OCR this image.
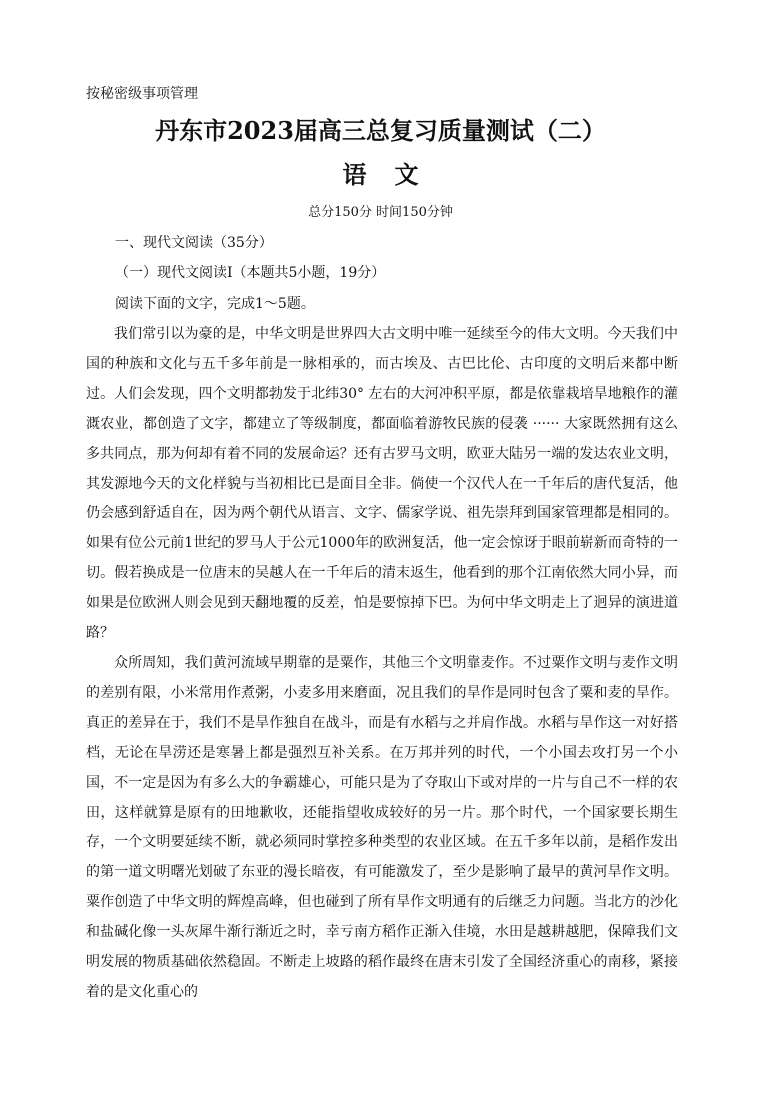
按秘密级事项管理
丹东市2023届高三总复习质量测试（二）
语文
总分150分 时间150分钟
一、现代文阅读（35分）
（一）现代文阅读I（本题共5小题，19分）
阅读下面的文字，完成1～5题。

我们常引以为豪的是，中华文明是世界四大古文明中唯一延续至今的伟大文明。今天我们中国的种族和文化与五千多年前是一脉相承的，而古埃及、古巴比伦、古印度的文明后来都中断过。人们会发现，四个文明都勃发于北纬30° 左右的大河冲积平原，都是依靠栽培旱地粮作的灌溉农业，都创造了文字，都建立了等级制度，都面临着游牧民族的侵袭 ······ 大家既然拥有这么多共同点，那为何却有着不同的发展命运？还有古罗马文明，欧亚大陆另一端的发达农业文明，其发源地今天的文化样貌与当初相比已是面目全非。倘使一个汉代人在一千年后的唐代复活，他仍会感到舒适自在，因为两个朝代从语言、文字、儒家学说、祖先崇拜到国家管理都是相同的。如果有位公元前1世纪的罗马人于公元1000年的欧洲复活，他一定会惊讶于眼前崭新而奇特的一切。假若换成是一位唐末的吴越人在一千年后的清末返生，他看到的那个江南依然大同小异，而如果是位欧洲人则会见到天翻地覆的反差，怕是要惊掉下巴。为何中华文明走上了迥异的演进道路？

众所周知，我们黄河流域早期靠的是粟作，其他三个文明靠麦作。不过粟作文明与麦作文明的差别有限，小米常用作煮粥，小麦多用来磨面，况且我们的旱作是同时包含了粟和麦的旱作。真正的差异在于，我们不是旱作独自在战斗，而是有水稻与之并肩作战。水稻与旱作这一对好搭档，无论在旱涝还是寒暑上都是强烈互补关系。在万邦并列的时代，一个小国去攻打另一个小国，不一定是因为有多么大的争霸雄心，可能只是为了夺取山下或对岸的一片与自己不一样的农田，这样就算是原有的田地歉收，还能指望收成较好的另一片。那个时代，一个国家要长期生存，一个文明要延续不断，就必须同时掌控多种类型的农业区域。在五千多年以前，是稻作发出的第一道文明曙光划破了东亚的漫长暗夜，有可能激发了，至少是影响了最早的黄河旱作文明。粟作创造了中华文明的辉煌高峰，但也碰到了所有旱作文明通有的后继乏力问题。当北方的沙化和盐碱化像一头灰犀牛渐行渐近之时，幸亏南方稻作正渐入佳境，水田是越耕越肥，保障我们文明发展的物质基础依然稳固。不断走上坡路的稻作最终在唐末引发了全国经济重心的南移，紧接着的是文化重心的
